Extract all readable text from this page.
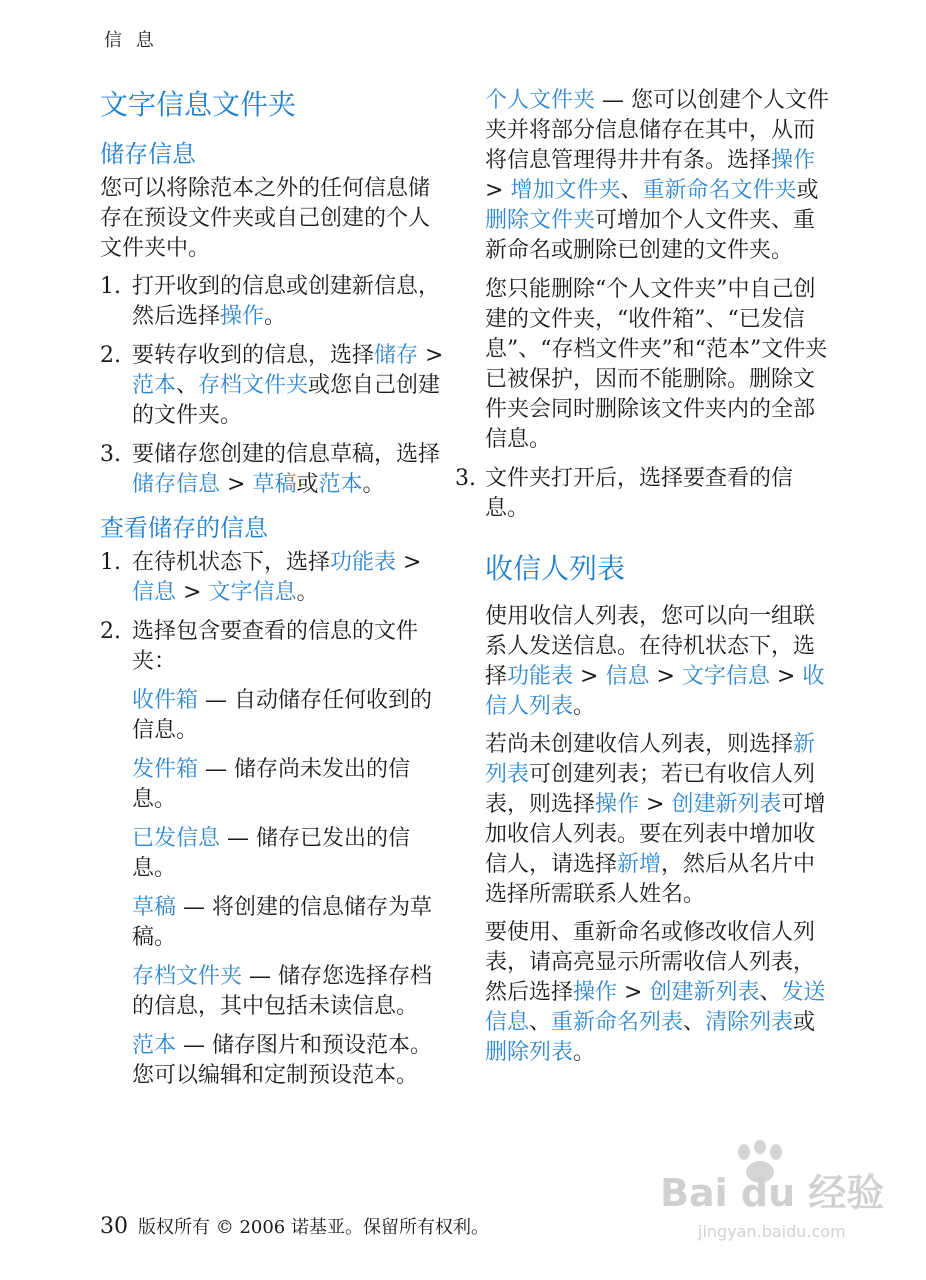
信 息
文字信息文件夹
储存信息

您可以将除范本之外的任何信息储存在预设文件夹或自己创建的个人文件夹中。

1. 打开收到的信息或创建新信息，然后选择操作。
2. 要转存收到的信息，选择储存 > 范本、存档文件夹或您自己创建的文件夹。
3. 要储存您创建的信息草稿，选择储存信息 > 草稿或范本。
查看储存的信息
1. 在待机状态下，选择功能表 > 信息 > 文字信息。
2. 选择包含要查看的信息的文件夹：
收件箱 — 自动储存任何收到的信息。
发件箱 — 储存尚未发出的信息。
已发信息 — 储存已发出的信息。
草稿 — 将创建的信息储存为草稿。
存档文件夹 — 储存您选择存档的信息，其中包括未读信息。
范本 — 储存图片和预设范本。您可以编辑和定制预设范本。
个人文件夹 — 您可以创建个人文件夹并将部分信息储存在其中，从而将信息管理得井井有条。选择操作 > 增加文件夹、重新命名文件夹或删除文件夹可增加个人文件夹、重新命名或删除已创建的文件夹。
您只能删除“个人文件夹”中自己创建的文件夹，“收件箱”、“已发信息”、“存档文件夹”和“范本”文件夹已被保护，因而不能删除。删除文件夹会同时删除该文件夹内的全部信息。
3. 文件夹打开后，选择要查看的信息。
收信人列表

使用收信人列表，您可以向一组联系人发送信息。在待机状态下，选择功能表 > 信息 > 文字信息 > 收信人列表。

若尚未创建收信人列表，则选择新列表可创建列表；若已有收信人列表，则选择操作 > 创建新列表可增加收信人列表。要在列表中增加收信人，请选择新增，然后从名片中选择所需联系人姓名。

要使用、重新命名或修改收信人列表，请高亮显示所需收信人列表，然后选择操作 > 创建新列表、发送信息、重新命名列表、清除列表或删除列表。

30 版权所有 © 2006 诺基亚。保留所有权利。
Bai du 经验
jingyan.baidu.com
